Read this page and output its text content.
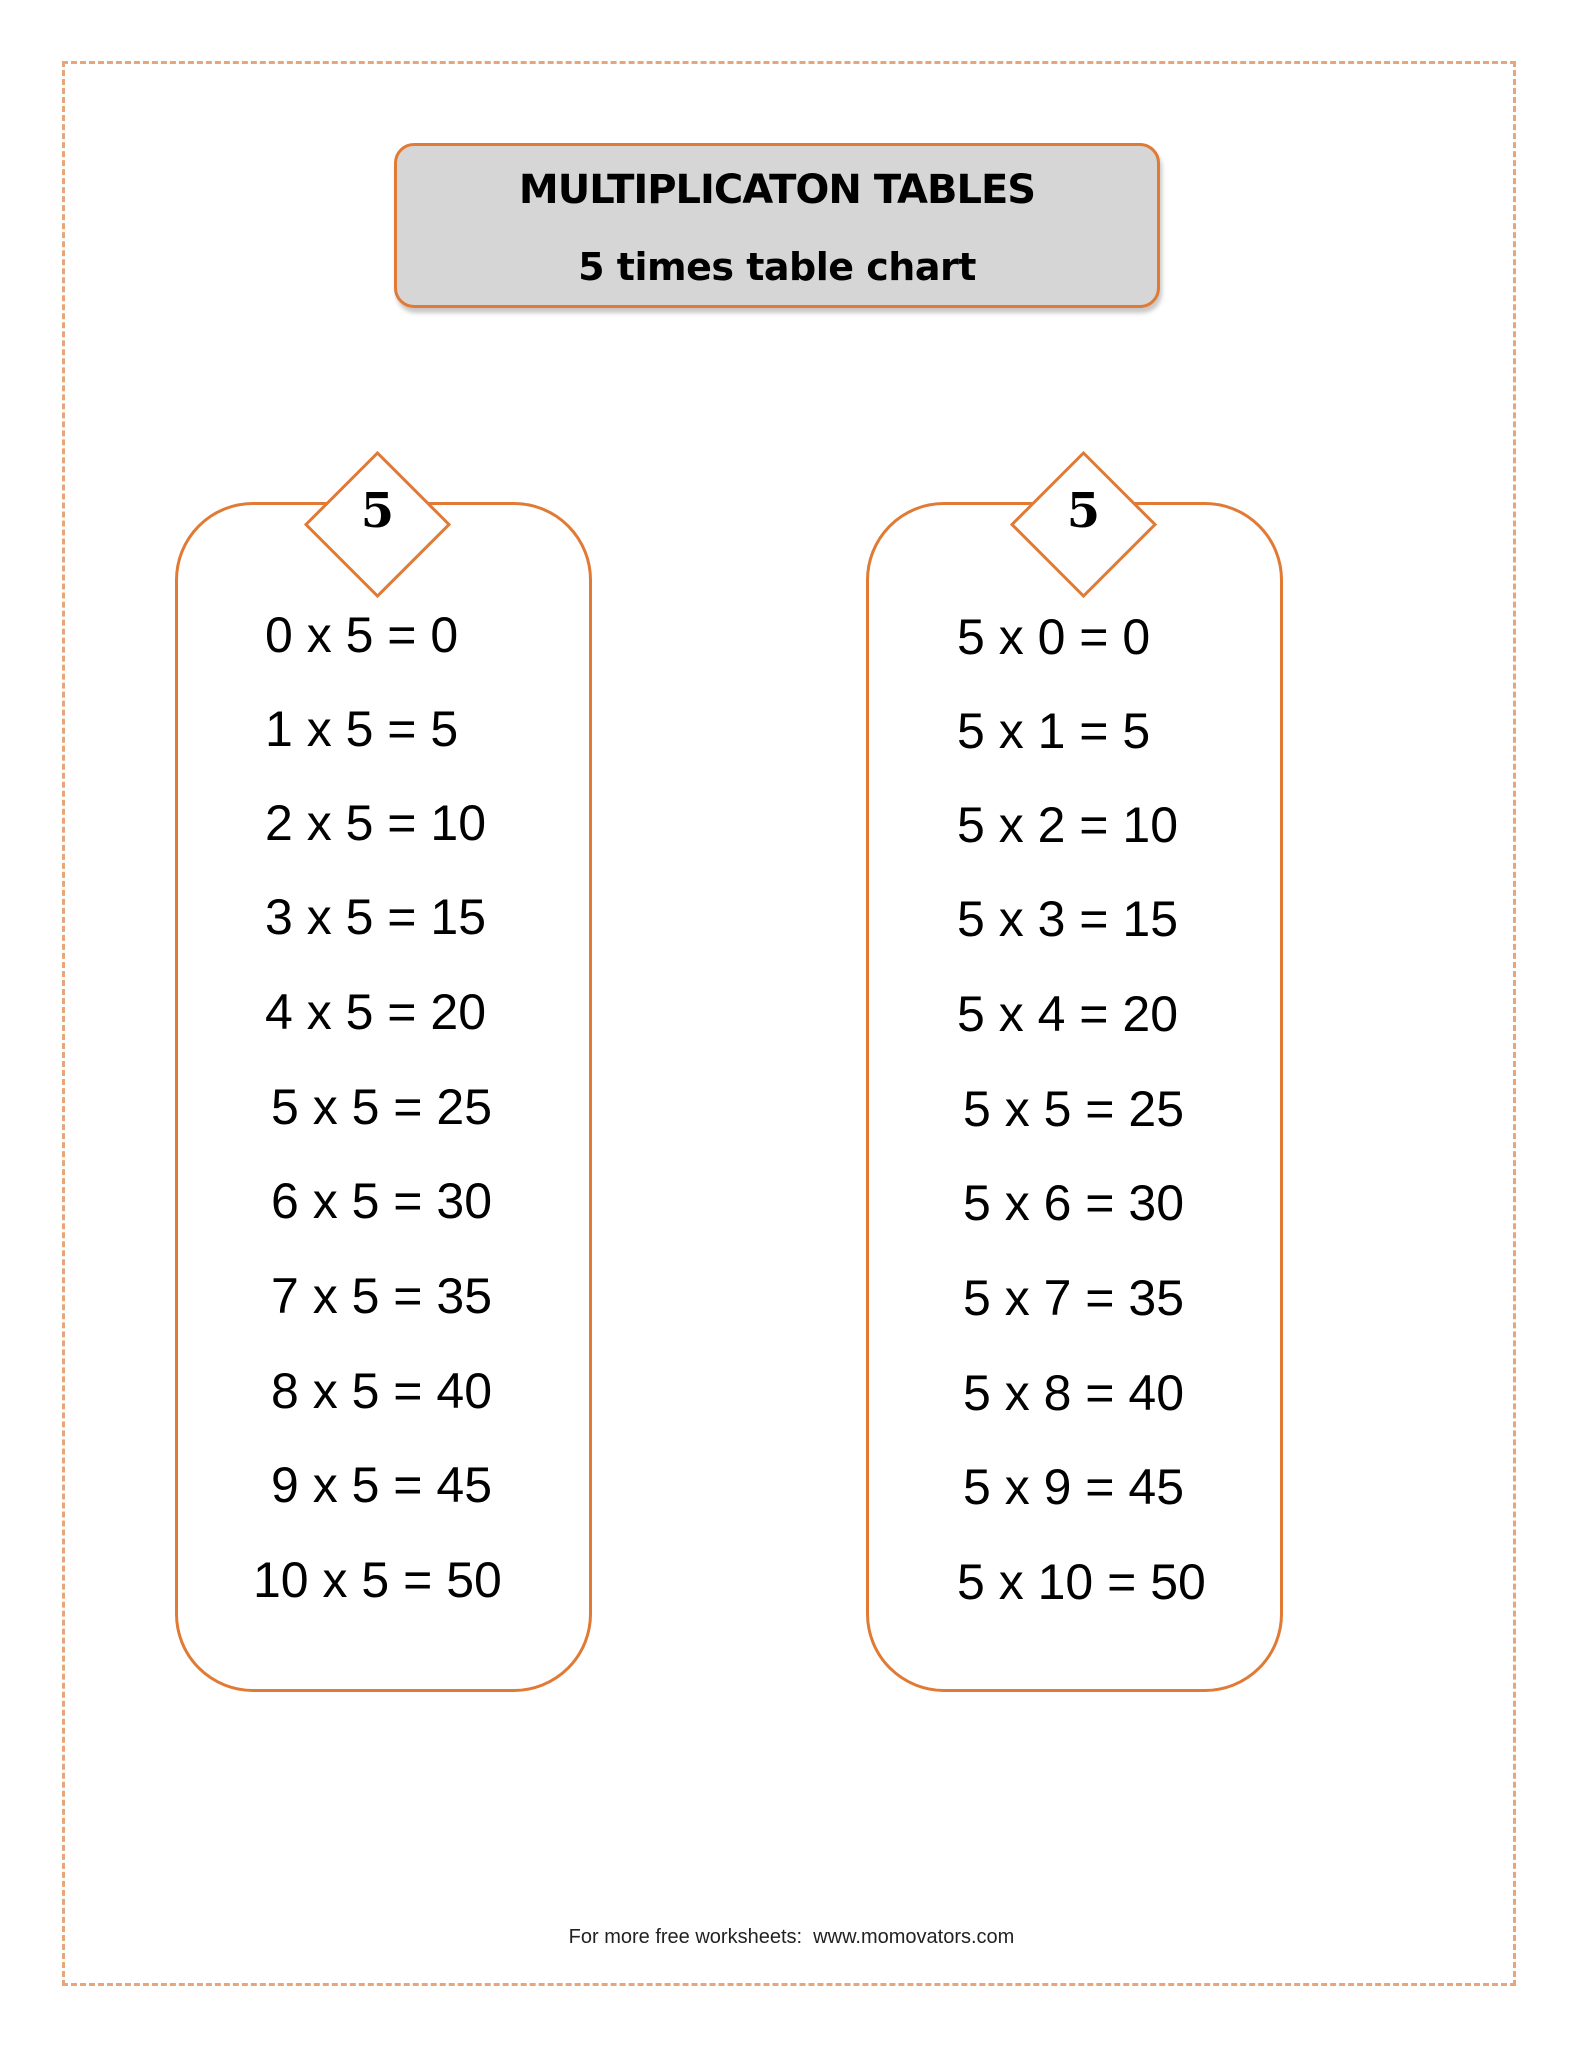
MULTIPLICATON TABLES
5 times table chart
5
0 x 5 = 0
1 x 5 = 5
2 x 5 = 10
3 x 5 = 15
4 x 5 = 20
5 x 5 = 25
6 x 5 = 30
7 x 5 = 35
8 x 5 = 40
9 x 5 = 45
10 x 5 = 50
5
5 x 0 = 0
5 x 1 = 5
5 x 2 = 10
5 x 3 = 15
5 x 4 = 20
5 x 5 = 25
5 x 6 = 30
5 x 7 = 35
5 x 8 = 40
5 x 9 = 45
5 x 10 = 50
For more free worksheets:  www.momovators.com
